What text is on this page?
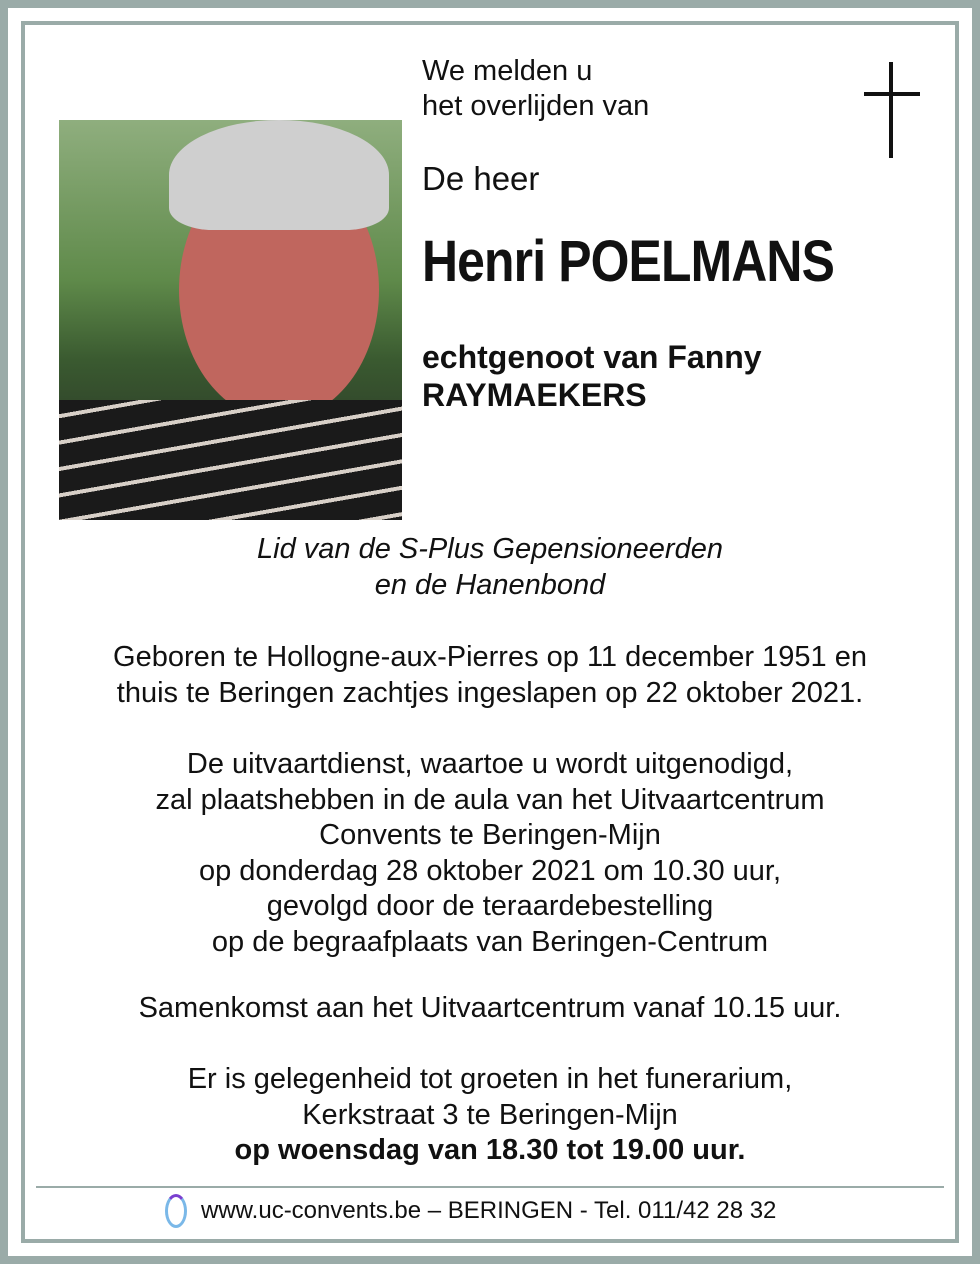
We melden u
het overlijden van
De heer
Henri POELMANS
echtgenoot van Fanny
RAYMAEKERS
Lid van de S-Plus Gepensioneerden
en de Hanenbond
Geboren te Hollogne-aux-Pierres op 11 december 1951 en
thuis te Beringen zachtjes ingeslapen op 22 oktober 2021.
De uitvaartdienst, waartoe u wordt uitgenodigd,
zal plaatshebben in de aula van het Uitvaartcentrum
Convents te Beringen-Mijn
op donderdag 28 oktober 2021 om 10.30 uur,
gevolgd door de teraardebestelling
op de begraafplaats van Beringen-Centrum
Samenkomst aan het Uitvaartcentrum vanaf 10.15 uur.
Er is gelegenheid tot groeten in het funerarium,
Kerkstraat 3 te Beringen-Mijn
op woensdag van 18.30 tot 19.00 uur.
www.uc-convents.be – BERINGEN - Tel. 011/42 28 32
